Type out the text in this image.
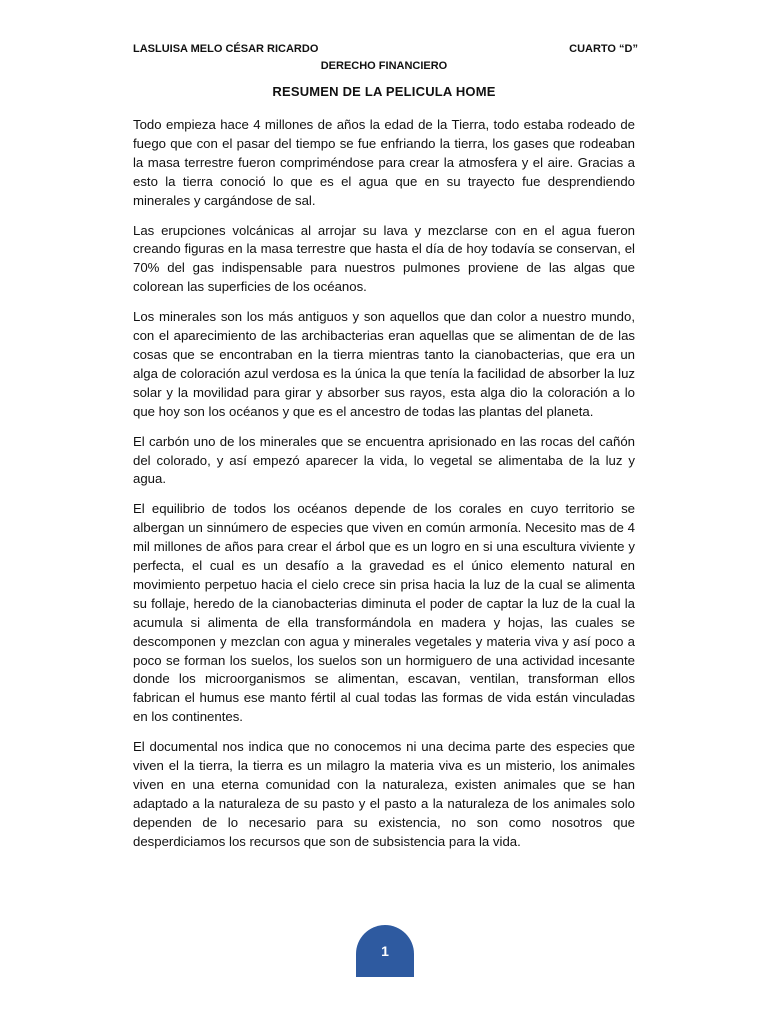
LASLUISA MELO CÉSAR RICARDO	CUARTO “D”
DERECHO FINANCIERO
RESUMEN DE LA PELICULA HOME

Todo empieza hace 4 millones de años la edad de la Tierra, todo estaba rodeado de fuego que con el pasar del tiempo se fue enfriando la tierra, los gases que rodeaban la masa terrestre fueron compriméndose para crear la atmosfera y el aire. Gracias a esto la tierra conoció lo que es el agua que en su trayecto fue desprendiendo minerales y cargándose de sal.

Las erupciones volcánicas al arrojar su lava y mezclarse con en el agua fueron creando figuras en la masa terrestre que hasta el día de hoy todavía se conservan, el 70% del gas indispensable para nuestros pulmones proviene de las algas que colorean las superficies de los océanos.

Los minerales son los más antiguos y son aquellos que dan color a nuestro mundo, con el aparecimiento de las archibacterias eran aquellas que se alimentan de de las cosas que se encontraban en la tierra mientras tanto la cianobacterias, que era un alga de coloración azul verdosa es la única la que tenía la facilidad de absorber la luz solar y la movilidad para girar y absorber sus rayos, esta alga dio la coloración a lo que hoy son los océanos y que es el ancestro de todas las plantas del planeta.

El carbón uno de los minerales que se encuentra aprisionado en las rocas del cañón del colorado, y así empezó aparecer la vida, lo vegetal se alimentaba de la luz y agua.

El equilibrio de todos los océanos depende de los corales en cuyo territorio se albergan un sinnúmero de especies que viven en común armonía. Necesito mas de 4 mil millones de años para crear el árbol que es un logro en si una escultura viviente y perfecta, el cual es un desafío a la gravedad es el único elemento natural en movimiento perpetuo hacia el cielo crece sin prisa hacia la luz de la cual se alimenta su follaje, heredo de la cianobacterias diminuta el poder de captar la luz de la cual la acumula si alimenta de ella transformándola en madera y hojas, las cuales se descomponen y mezclan con agua y minerales vegetales y materia viva y así poco a poco se forman los suelos, los suelos son un hormiguero de una actividad incesante donde los microorganismos se alimentan, escavan, ventilan, transforman ellos fabrican el humus ese manto fértil al cual todas las formas de vida están vinculadas en los continentes.

El documental nos indica que no conocemos ni una decima parte des especies que viven el la tierra, la tierra es un milagro la materia viva es un misterio, los animales viven en una eterna comunidad con la naturaleza, existen animales que se han adaptado a la naturaleza de su pasto y el pasto a la naturaleza de los animales solo dependen de lo necesario para su existencia, no son como nosotros que desperdiciamos los recursos que son de subsistencia para la vida.

1
